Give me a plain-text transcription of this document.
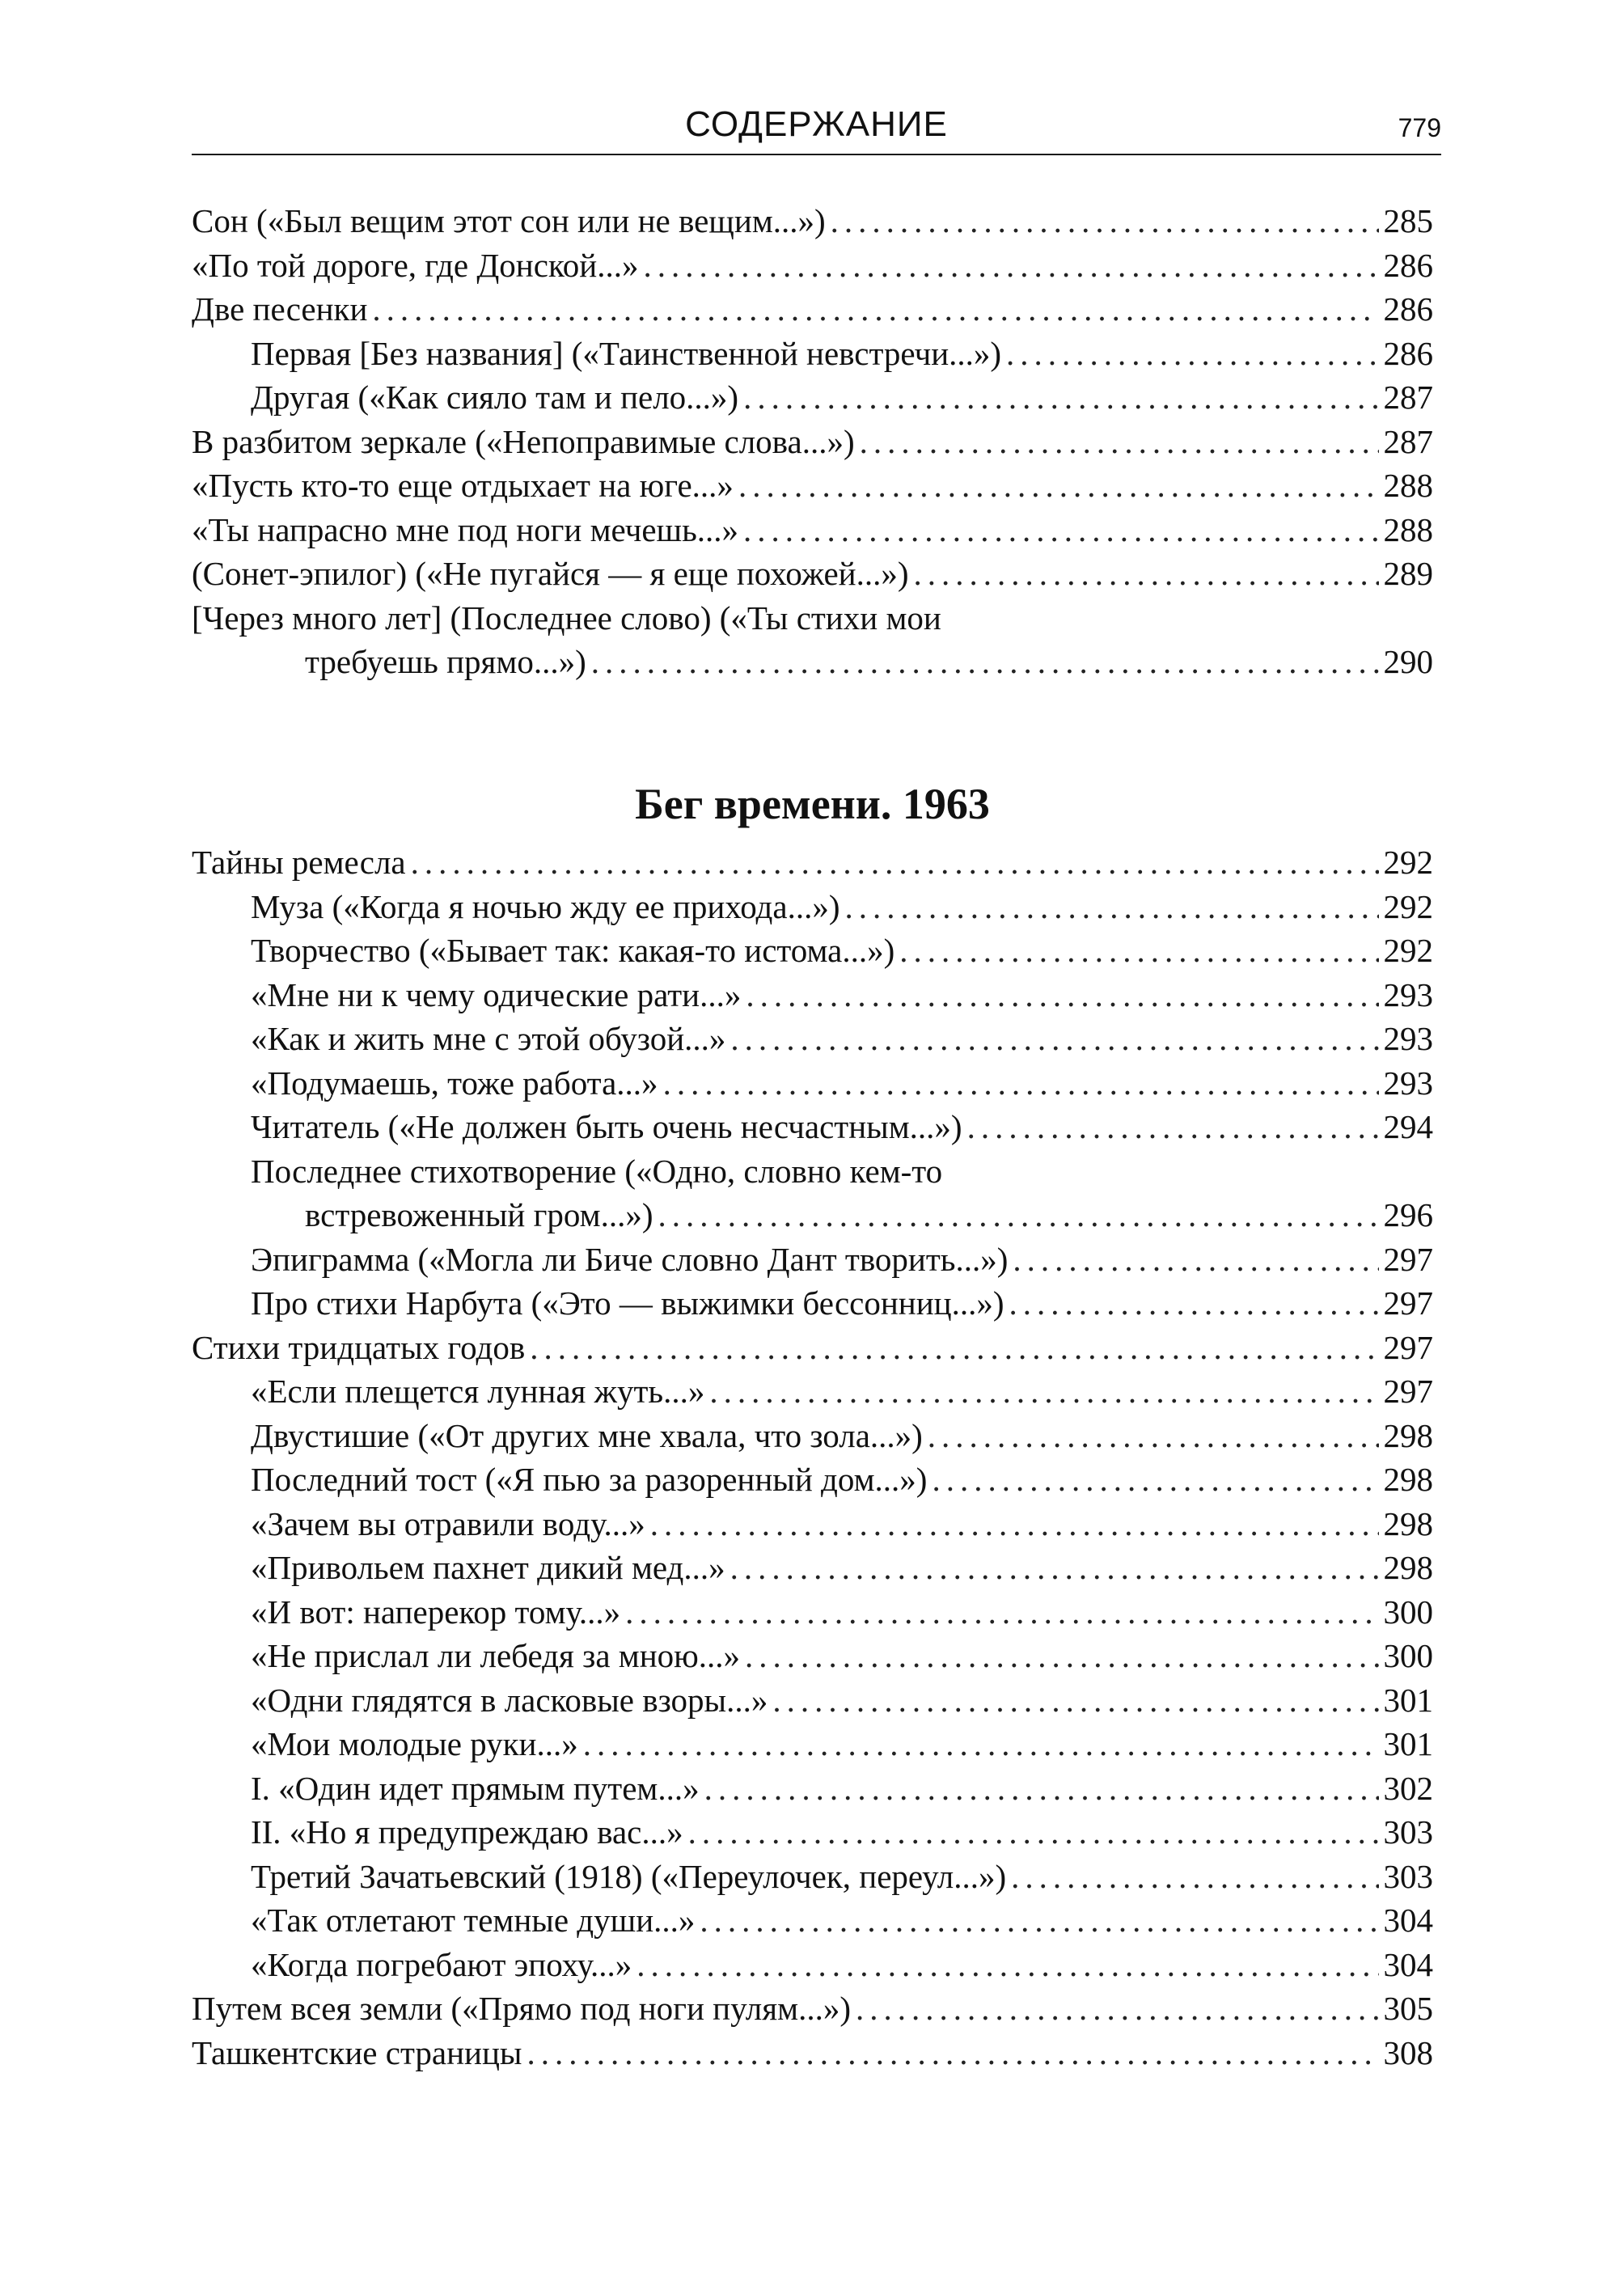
СОДЕРЖАНИЕ	779
Сон («Был вещим этот сон или не вещим...») .....	285
«По той дороге, где Донской...» .....	286
Две песенки .....	286
Первая [Без названия] («Таинственной невстречи...») .....	286
Другая («Как сияло там и пело...») .....	287
В разбитом зеркале («Непоправимые слова...») .....	287
«Пусть кто-то еще отдыхает на юге...» .....	288
«Ты напрасно мне под ноги мечешь...» .....	288
(Сонет-эпилог) («Не пугайся — я еще похожей...») .....	289
[Через много лет] (Последнее слово) («Ты стихи мои
требуешь прямо...») .....	290
Бег времени. 1963
Тайны ремесла .....	292
Муза («Когда я ночью жду ее прихода...») .....	292
Творчество («Бывает так: какая-то истома...») .....	292
«Мне ни к чему одические рати...» .....	293
«Как и жить мне с этой обузой...» .....	293
«Подумаешь, тоже работа...» .....	293
Читатель («Не должен быть очень несчастным...») .....	294
Последнее стихотворение («Одно, словно кем-то
встревоженный гром...») .....	296
Эпиграмма («Могла ли Биче словно Дант творить...») .....	297
Про стихи Нарбута («Это — выжимки бессонниц...») .....	297
Стихи тридцатых годов .....	297
«Если плещется лунная жуть...» .....	297
Двустишие («От других мне хвала, что зола...») .....	298
Последний тост («Я пью за разоренный дом...») .....	298
«Зачем вы отравили воду...» .....	298
«Привольем пахнет дикий мед...» .....	298
«И вот: наперекор тому...» .....	300
«Не прислал ли лебедя за мною...» .....	300
«Одни глядятся в ласковые взоры...» .....	301
«Мои молодые руки...» .....	301
I. «Один идет прямым путем...» .....	302
II. «Но я предупреждаю вас...» .....	303
Третий Зачатьевский (1918) («Переулочек, переул...») .....	303
«Так отлетают темные души...» .....	304
«Когда погребают эпоху...» .....	304
Путем всея земли («Прямо под ноги пулям...») .....	305
Ташкентские страницы .....	308
